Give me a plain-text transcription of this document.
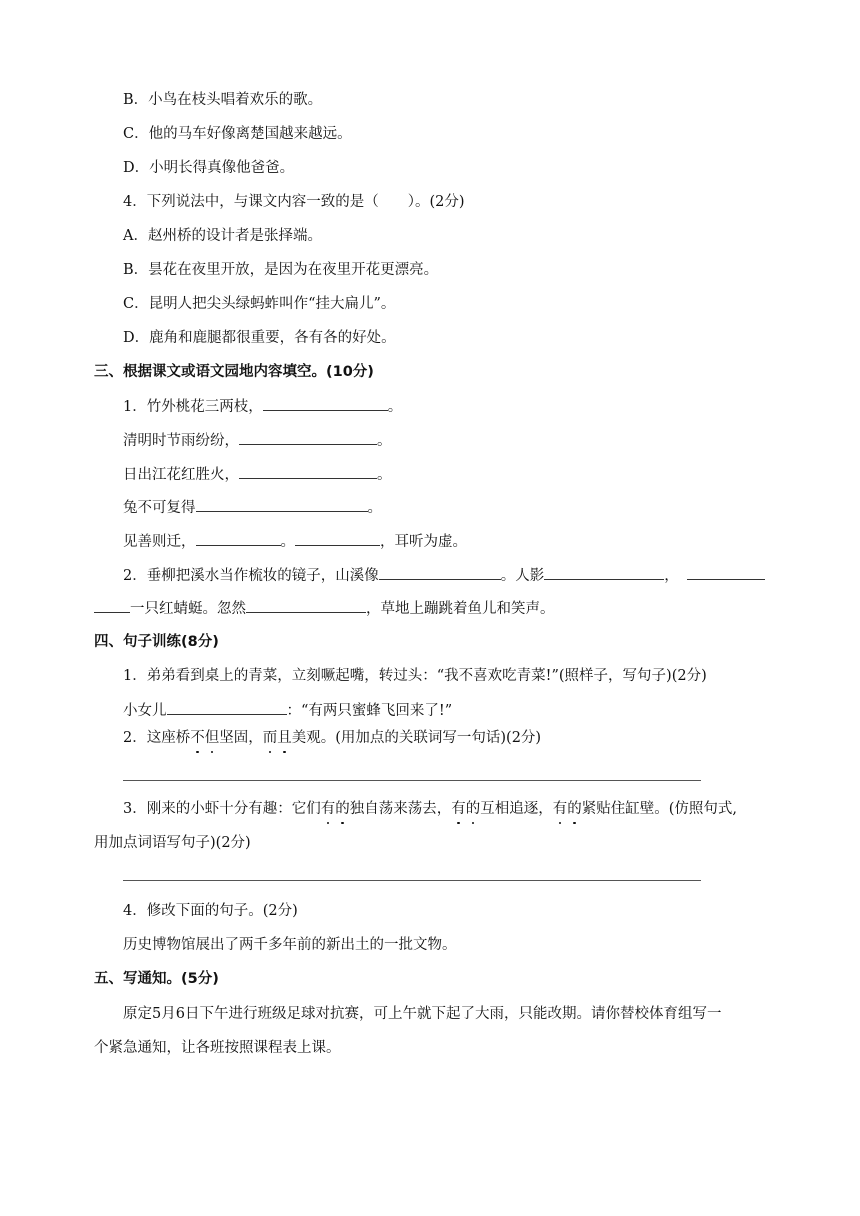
B．小鸟在枝头唱着欢乐的歌。
C．他的马车好像离楚国越来越远。
D．小明长得真像他爸爸。
4．下列说法中，与课文内容一致的是（　　）。(2分)
A．赵州桥的设计者是张择端。
B．昙花在夜里开放，是因为在夜里开花更漂亮。
C．昆明人把尖头绿蚂蚱叫作“挂大扁儿”。
D．鹿角和鹿腿都很重要，各有各的好处。
三、根据课文或语文园地内容填空。(10分)
1．竹外桃花三两枝，	。
清明时节雨纷纷，	。
日出江花红胜火，	。
兔不可复得	。
见善则迁，	。	，耳听为虚。
2．垂柳把溪水当作梳妆的镜子，山溪像	。人影	，
一只红蜻蜓。忽然	，草地上蹦跳着鱼儿和笑声。
四、句子训练(8分)
1．弟弟看到桌上的青菜，立刻噘起嘴，转过头：“我不喜欢吃青菜!”(照样子，写句子)(2分)
小女儿	：“有两只蜜蜂飞回来了!”
2．这座桥不但坚固，而且美观。(用加点的关联词写一句话)(2分)
3．刚来的小虾十分有趣：它们有的独自荡来荡去，有的互相追逐，有的紧贴住缸壁。(仿照句式,
用加点词语写句子)(2分)
4．修改下面的句子。(2分)
历史博物馆展出了两千多年前的新出土的一批文物。
五、写通知。(5分)
原定5月6日下午进行班级足球对抗赛，可上午就下起了大雨，只能改期。请你替校体育组写一
个紧急通知，让各班按照课程表上课。
